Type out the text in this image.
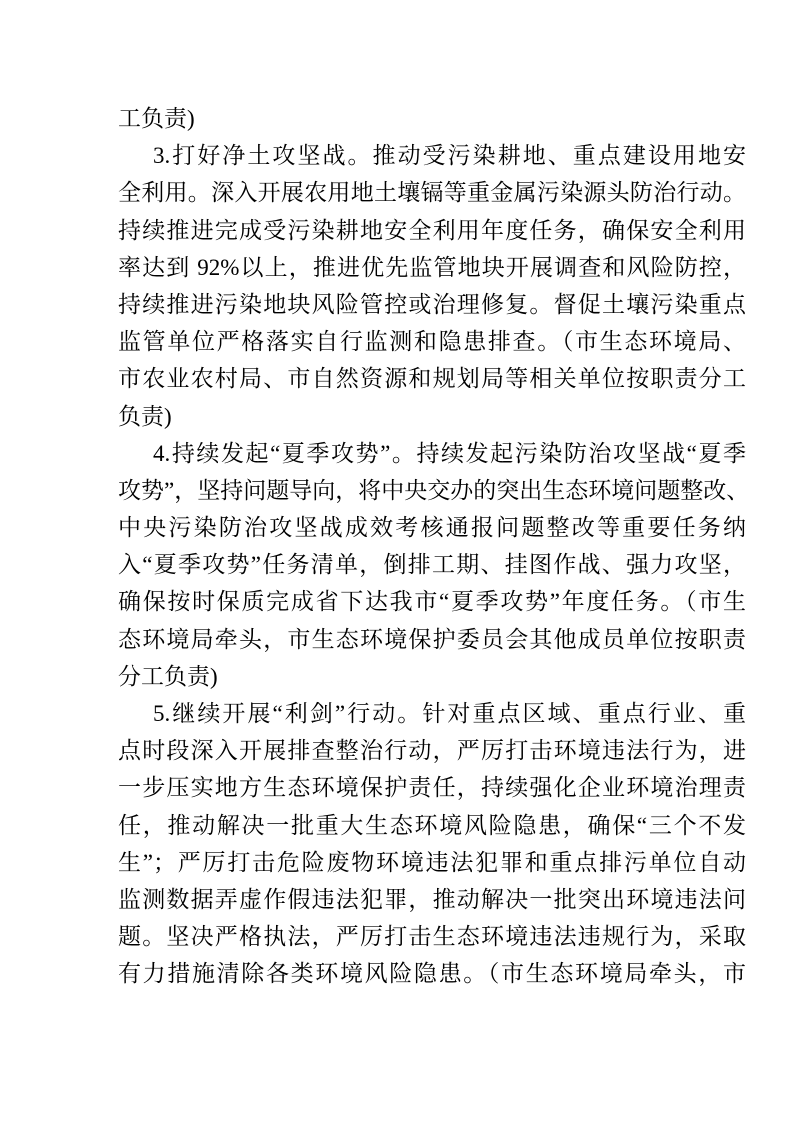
工负责)
3.打好净土攻坚战。推动受污染耕地、重点建设用地安
全利用。深入开展农用地土壤镉等重金属污染源头防治行动。
持续推进完成受污染耕地安全利用年度任务，确保安全利用
率达到 92%以上，推进优先监管地块开展调查和风险防控，
持续推进污染地块风险管控或治理修复。督促土壤污染重点
监管单位严格落实自行监测和隐患排查。（市生态环境局、
市农业农村局、市自然资源和规划局等相关单位按职责分工
负责)
4.持续发起“夏季攻势”。持续发起污染防治攻坚战“夏季
攻势”，坚持问题导向，将中央交办的突出生态环境问题整改、
中央污染防治攻坚战成效考核通报问题整改等重要任务纳
入“夏季攻势”任务清单，倒排工期、挂图作战、强力攻坚，
确保按时保质完成省下达我市“夏季攻势”年度任务。（市生
态环境局牵头，市生态环境保护委员会其他成员单位按职责
分工负责)
5.继续开展“利剑”行动。针对重点区域、重点行业、重
点时段深入开展排查整治行动，严厉打击环境违法行为，进
一步压实地方生态环境保护责任，持续强化企业环境治理责
任，推动解决一批重大生态环境风险隐患，确保“三个不发
生”；严厉打击危险废物环境违法犯罪和重点排污单位自动
监测数据弄虚作假违法犯罪，推动解决一批突出环境违法问
题。坚决严格执法，严厉打击生态环境违法违规行为，采取
有力措施清除各类环境风险隐患。（市生态环境局牵头，市
